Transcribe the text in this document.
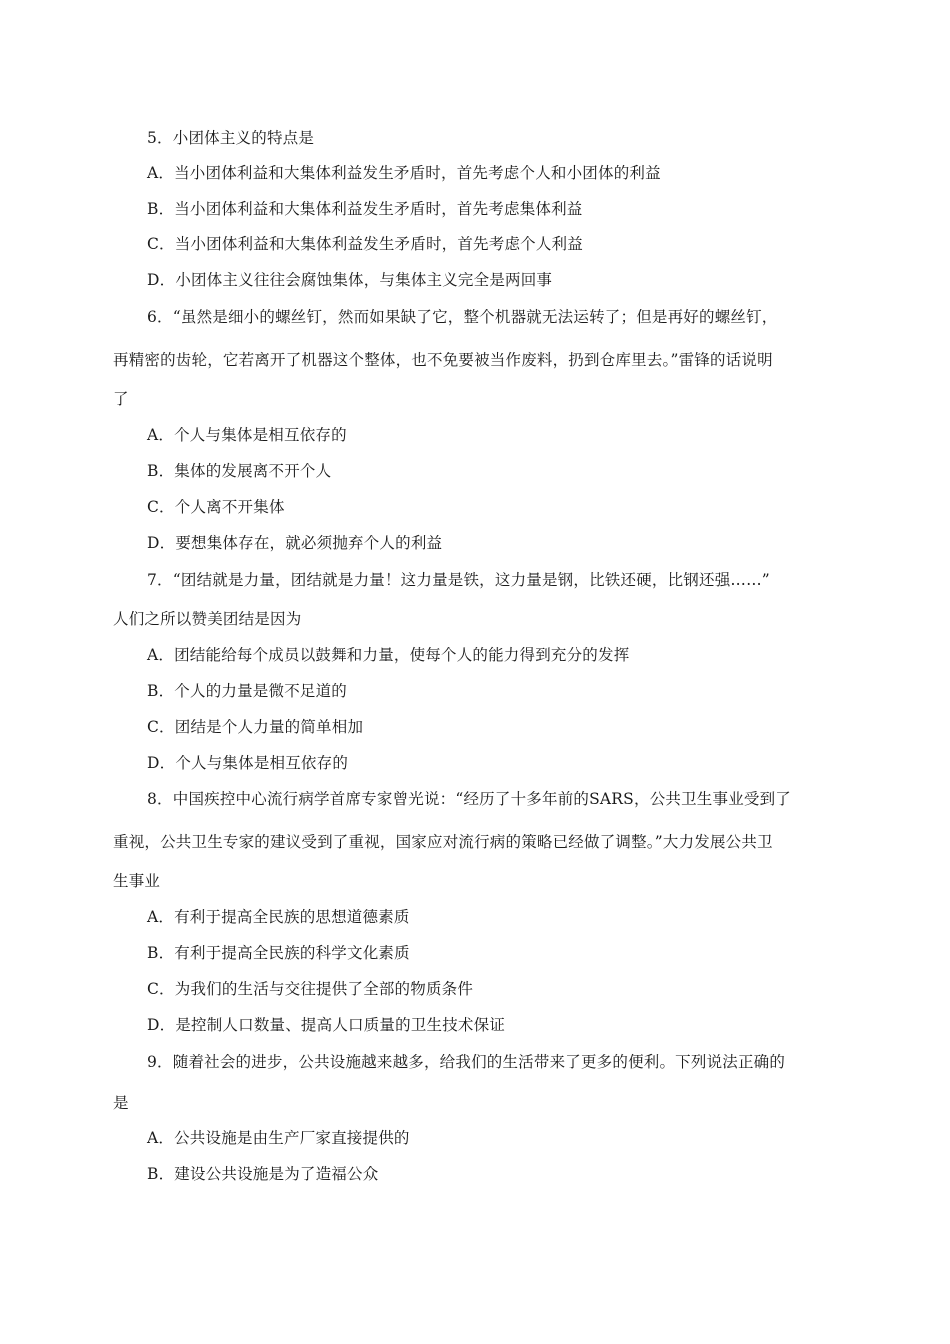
5．小团体主义的特点是
A．当小团体利益和大集体利益发生矛盾时，首先考虑个人和小团体的利益
B．当小团体利益和大集体利益发生矛盾时，首先考虑集体利益
C．当小团体利益和大集体利益发生矛盾时，首先考虑个人利益
D．小团体主义往往会腐蚀集体，与集体主义完全是两回事
6．“虽然是细小的螺丝钉，然而如果缺了它，整个机器就无法运转了；但是再好的螺丝钉，
再精密的齿轮，它若离开了机器这个整体，也不免要被当作废料，扔到仓库里去。”雷锋的话说明
了
A．个人与集体是相互依存的
B．集体的发展离不开个人
C．个人离不开集体
D．要想集体存在，就必须抛弃个人的利益
7．“团结就是力量，团结就是力量！这力量是铁，这力量是钢，比铁还硬，比钢还强……”
人们之所以赞美团结是因为
A．团结能给每个成员以鼓舞和力量，使每个人的能力得到充分的发挥
B．个人的力量是微不足道的
C．团结是个人力量的简单相加
D．个人与集体是相互依存的
8．中国疾控中心流行病学首席专家曾光说：“经历了十多年前的SARS，公共卫生事业受到了
重视，公共卫生专家的建议受到了重视，国家应对流行病的策略已经做了调整。”大力发展公共卫
生事业
A．有利于提高全民族的思想道德素质
B．有利于提高全民族的科学文化素质
C．为我们的生活与交往提供了全部的物质条件
D．是控制人口数量、提高人口质量的卫生技术保证
9．随着社会的进步，公共设施越来越多，给我们的生活带来了更多的便利。下列说法正确的
是
A．公共设施是由生产厂家直接提供的
B．建设公共设施是为了造福公众
